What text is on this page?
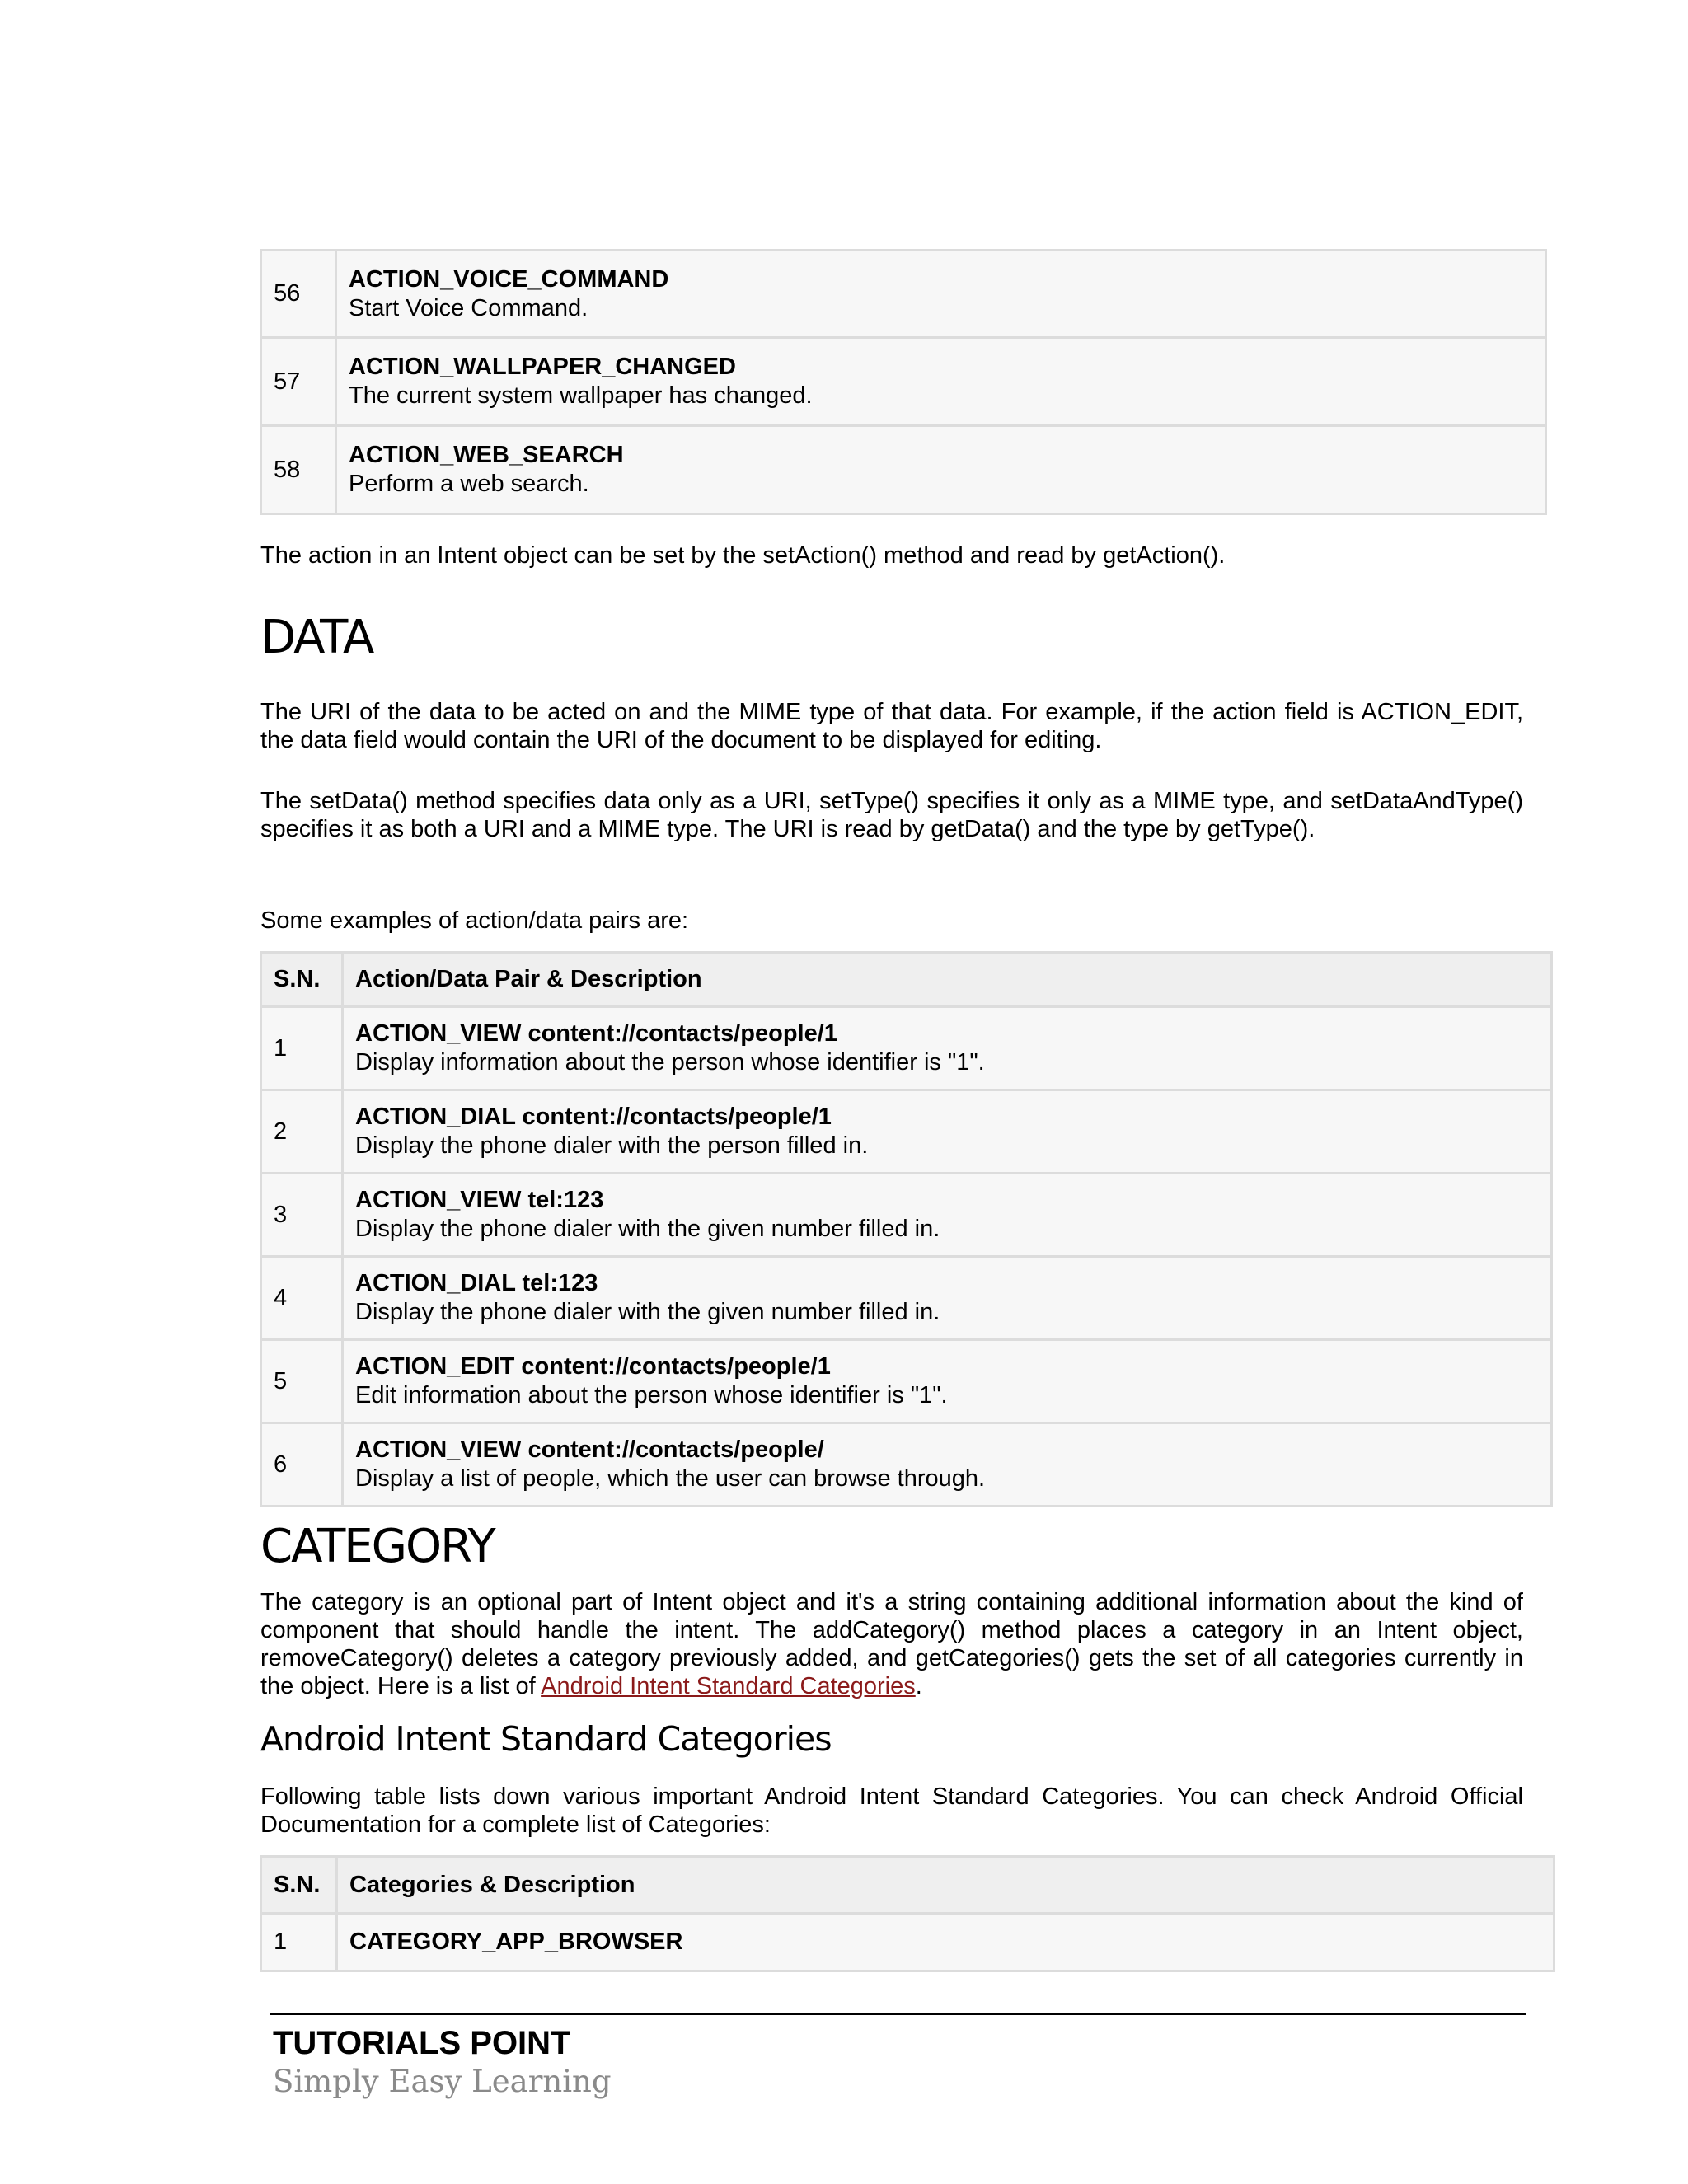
56	ACTION_VOICE_COMMAND
Start Voice Command.

57	ACTION_WALLPAPER_CHANGED
The current system wallpaper has changed.

58	ACTION_WEB_SEARCH
Perform a web search.

The action in an Intent object can be set by the setAction() method and read by getAction().

DATA

The URI of the data to be acted on and the MIME type of that data. For example, if the action field is ACTION_EDIT, the data field would contain the URI of the document to be displayed for editing.

The setData() method specifies data only as a URI, setType() specifies it only as a MIME type, and setDataAndType() specifies it as both a URI and a MIME type. The URI is read by getData() and the type by getType().

Some examples of action/data pairs are:

S.N.	Action/Data Pair & Description
1	ACTION_VIEW content://contacts/people/1
Display information about the person whose identifier is "1".

2	ACTION_DIAL content://contacts/people/1
Display the phone dialer with the person filled in.

3	ACTION_VIEW tel:123
Display the phone dialer with the given number filled in.

4	ACTION_DIAL tel:123
Display the phone dialer with the given number filled in.

5	ACTION_EDIT content://contacts/people/1
Edit information about the person whose identifier is "1".

6	ACTION_VIEW content://contacts/people/
Display a list of people, which the user can browse through.
CATEGORY

The category is an optional part of Intent object and it's a string containing additional information about the kind of component that should handle the intent. The addCategory() method places a category in an Intent object, removeCategory() deletes a category previously added, and getCategories() gets the set of all categories currently in the object. Here is a list of Android Intent Standard Categories.

Android Intent Standard Categories

Following table lists down various important Android Intent Standard Categories. You can check Android Official Documentation for a complete list of Categories:

S.N.	Categories & Description
1	CATEGORY_APP_BROWSER

TUTORIALS POINT

Simply Easy Learning
